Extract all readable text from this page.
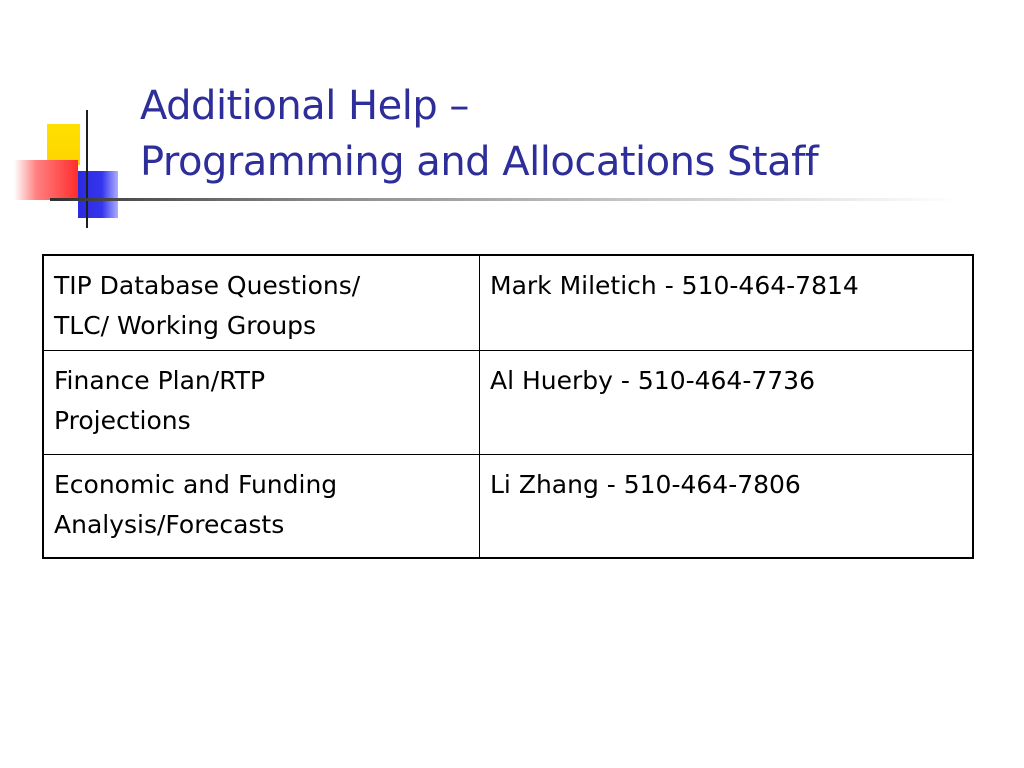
Additional Help –
Programming and Allocations Staff
TIP Database Questions/
TLC/ Working Groups	Mark Miletich - 510-464-7814

Finance Plan/RTP
Projections	Al Huerby - 510-464-7736

Economic and Funding
Analysis/Forecasts	Li Zhang - 510-464-7806
